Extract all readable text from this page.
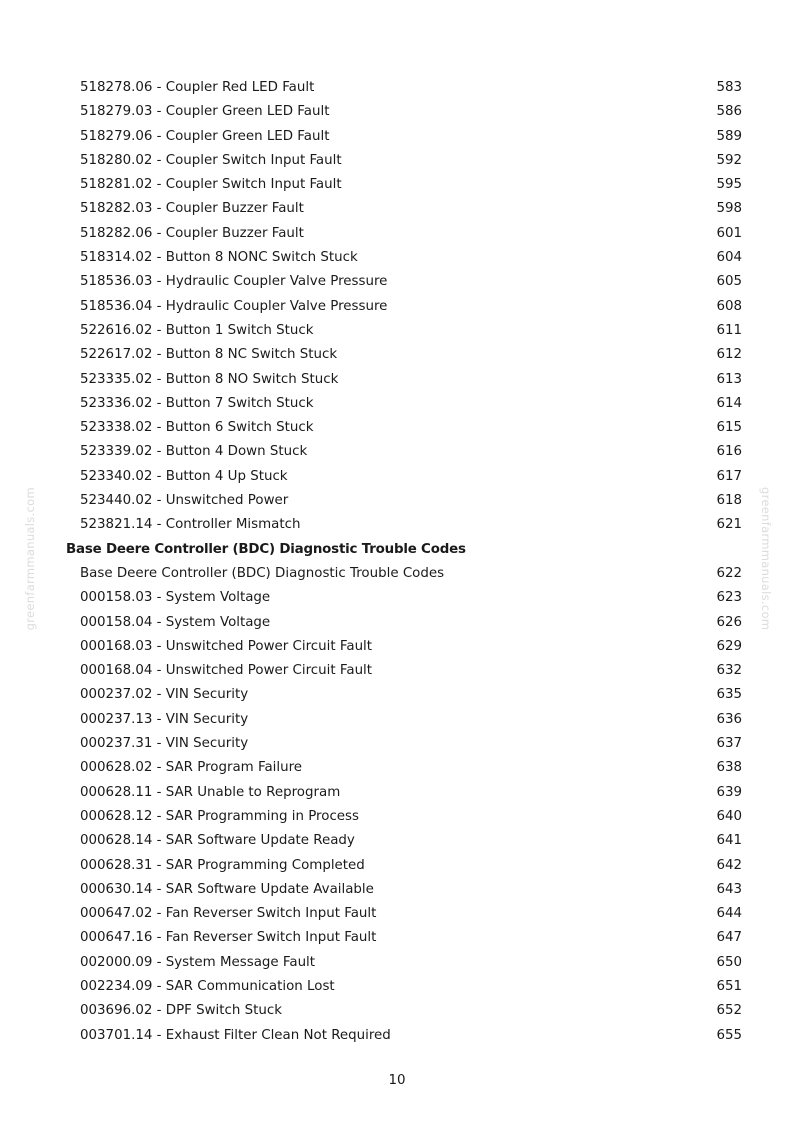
greenfarmmanuals.com	greenfarmmanuals.com
518278.06 - Coupler Red LED Fault	583
518279.03 - Coupler Green LED Fault	586
518279.06 - Coupler Green LED Fault	589
518280.02 - Coupler Switch Input Fault	592
518281.02 - Coupler Switch Input Fault	595
518282.03 - Coupler Buzzer Fault	598
518282.06 - Coupler Buzzer Fault	601
518314.02 - Button 8 NONC Switch Stuck	604
518536.03 - Hydraulic Coupler Valve Pressure	605
518536.04 - Hydraulic Coupler Valve Pressure	608
522616.02 - Button 1 Switch Stuck	611
522617.02 - Button 8 NC Switch Stuck	612
523335.02 - Button 8 NO Switch Stuck	613
523336.02 - Button 7 Switch Stuck	614
523338.02 - Button 6 Switch Stuck	615
523339.02 - Button 4 Down Stuck	616
523340.02 - Button 4 Up Stuck	617
523440.02 - Unswitched Power	618
523821.14 - Controller Mismatch	621
Base Deere Controller (BDC) Diagnostic Trouble Codes
Base Deere Controller (BDC) Diagnostic Trouble Codes	622
000158.03 - System Voltage	623
000158.04 - System Voltage	626
000168.03 - Unswitched Power Circuit Fault	629
000168.04 - Unswitched Power Circuit Fault	632
000237.02 - VIN Security	635
000237.13 - VIN Security	636
000237.31 - VIN Security	637
000628.02 - SAR Program Failure	638
000628.11 - SAR Unable to Reprogram	639
000628.12 - SAR Programming in Process	640
000628.14 - SAR Software Update Ready	641
000628.31 - SAR Programming Completed	642
000630.14 - SAR Software Update Available	643
000647.02 - Fan Reverser Switch Input Fault	644
000647.16 - Fan Reverser Switch Input Fault	647
002000.09 - System Message Fault	650
002234.09 - SAR Communication Lost	651
003696.02 - DPF Switch Stuck	652
003701.14 - Exhaust Filter Clean Not Required	655
10
